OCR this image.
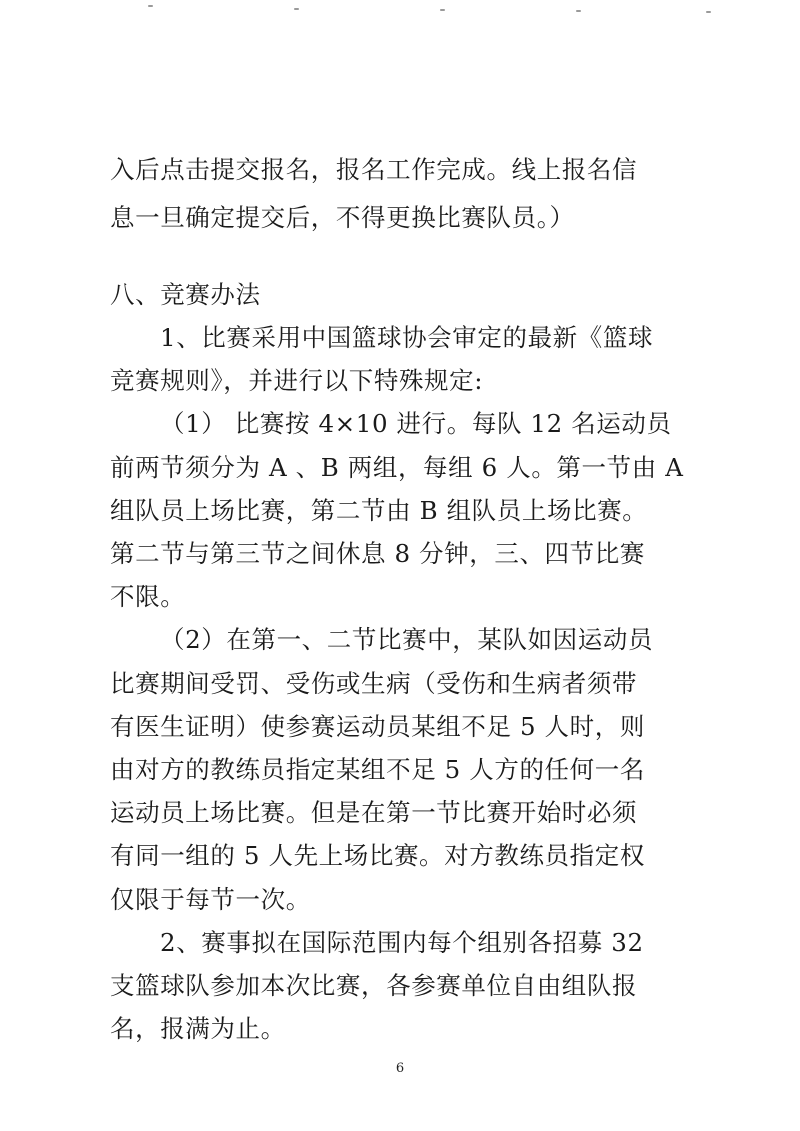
入后点击提交报名，报名工作完成。线上报名信
息一旦确定提交后，不得更换比赛队员。）
八、竞赛办法
1、比赛采用中国篮球协会审定的最新《篮球
竞赛规则》，并进行以下特殊规定:
（1） 比赛按 4×10 进行。每队 12 名运动员
前两节须分为 A 、B 两组，每组 6 人。第一节由 A
组队员上场比赛，第二节由 B 组队员上场比赛。
第二节与第三节之间休息 8 分钟，三、四节比赛
不限。
（2）在第一、二节比赛中，某队如因运动员
比赛期间受罚、受伤或生病（受伤和生病者须带
有医生证明）使参赛运动员某组不足 5 人时，则
由对方的教练员指定某组不足 5 人方的任何一名
运动员上场比赛。但是在第一节比赛开始时必须
有同一组的 5 人先上场比赛。对方教练员指定权
仅限于每节一次。
2、赛事拟在国际范围内每个组别各招募 32
支篮球队参加本次比赛，各参赛单位自由组队报
名，报满为止。
6
